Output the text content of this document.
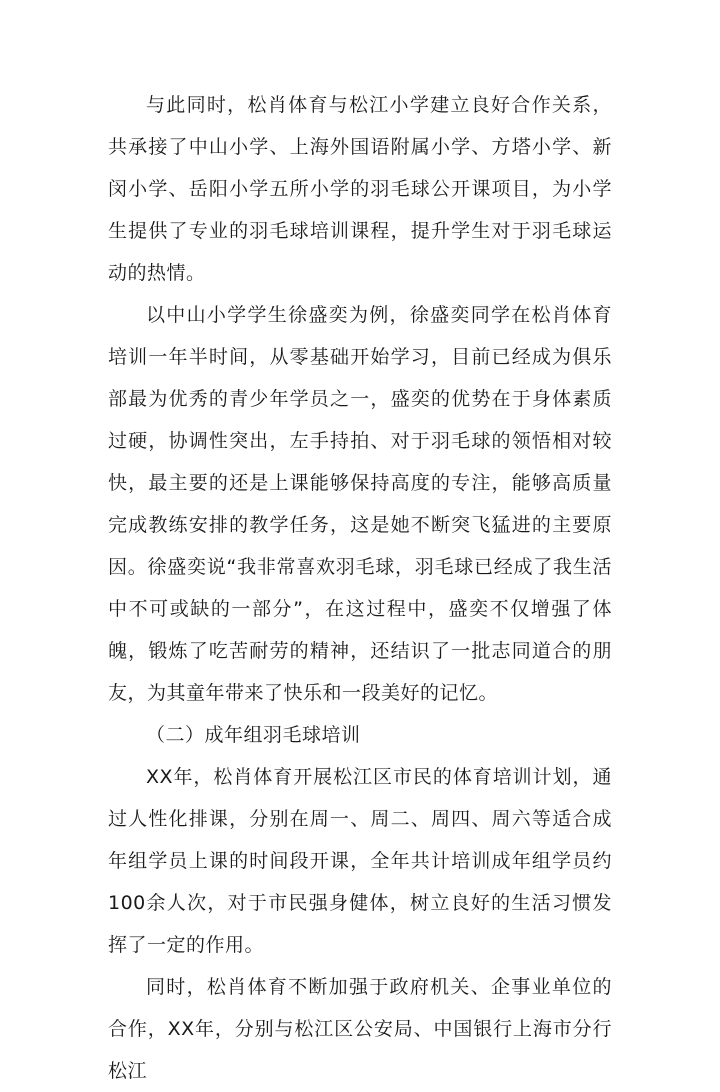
与此同时，松肖体育与松江小学建立良好合作关系，共承接了中山小学、上海外国语附属小学、方塔小学、新闵小学、岳阳小学五所小学的羽毛球公开课项目，为小学生提供了专业的羽毛球培训课程，提升学生对于羽毛球运动的热情。

以中山小学学生徐盛奕为例，徐盛奕同学在松肖体育培训一年半时间，从零基础开始学习，目前已经成为俱乐部最为优秀的青少年学员之一，盛奕的优势在于身体素质过硬，协调性突出，左手持拍、对于羽毛球的领悟相对较快，最主要的还是上课能够保持高度的专注，能够高质量完成教练安排的教学任务，这是她不断突飞猛进的主要原因。徐盛奕说“我非常喜欢羽毛球，羽毛球已经成了我生活中不可或缺的一部分”，在这过程中，盛奕不仅增强了体魄，锻炼了吃苦耐劳的精神，还结识了一批志同道合的朋友，为其童年带来了快乐和一段美好的记忆。

（二）成年组羽毛球培训

XX年，松肖体育开展松江区市民的体育培训计划，通过人性化排课，分别在周一、周二、周四、周六等适合成年组学员上课的时间段开课，全年共计培训成年组学员约100余人次，对于市民强身健体，树立良好的生活习惯发挥了一定的作用。

同时，松肖体育不断加强于政府机关、企事业单位的合作，XX年，分别与松江区公安局、中国银行上海市分行松江
